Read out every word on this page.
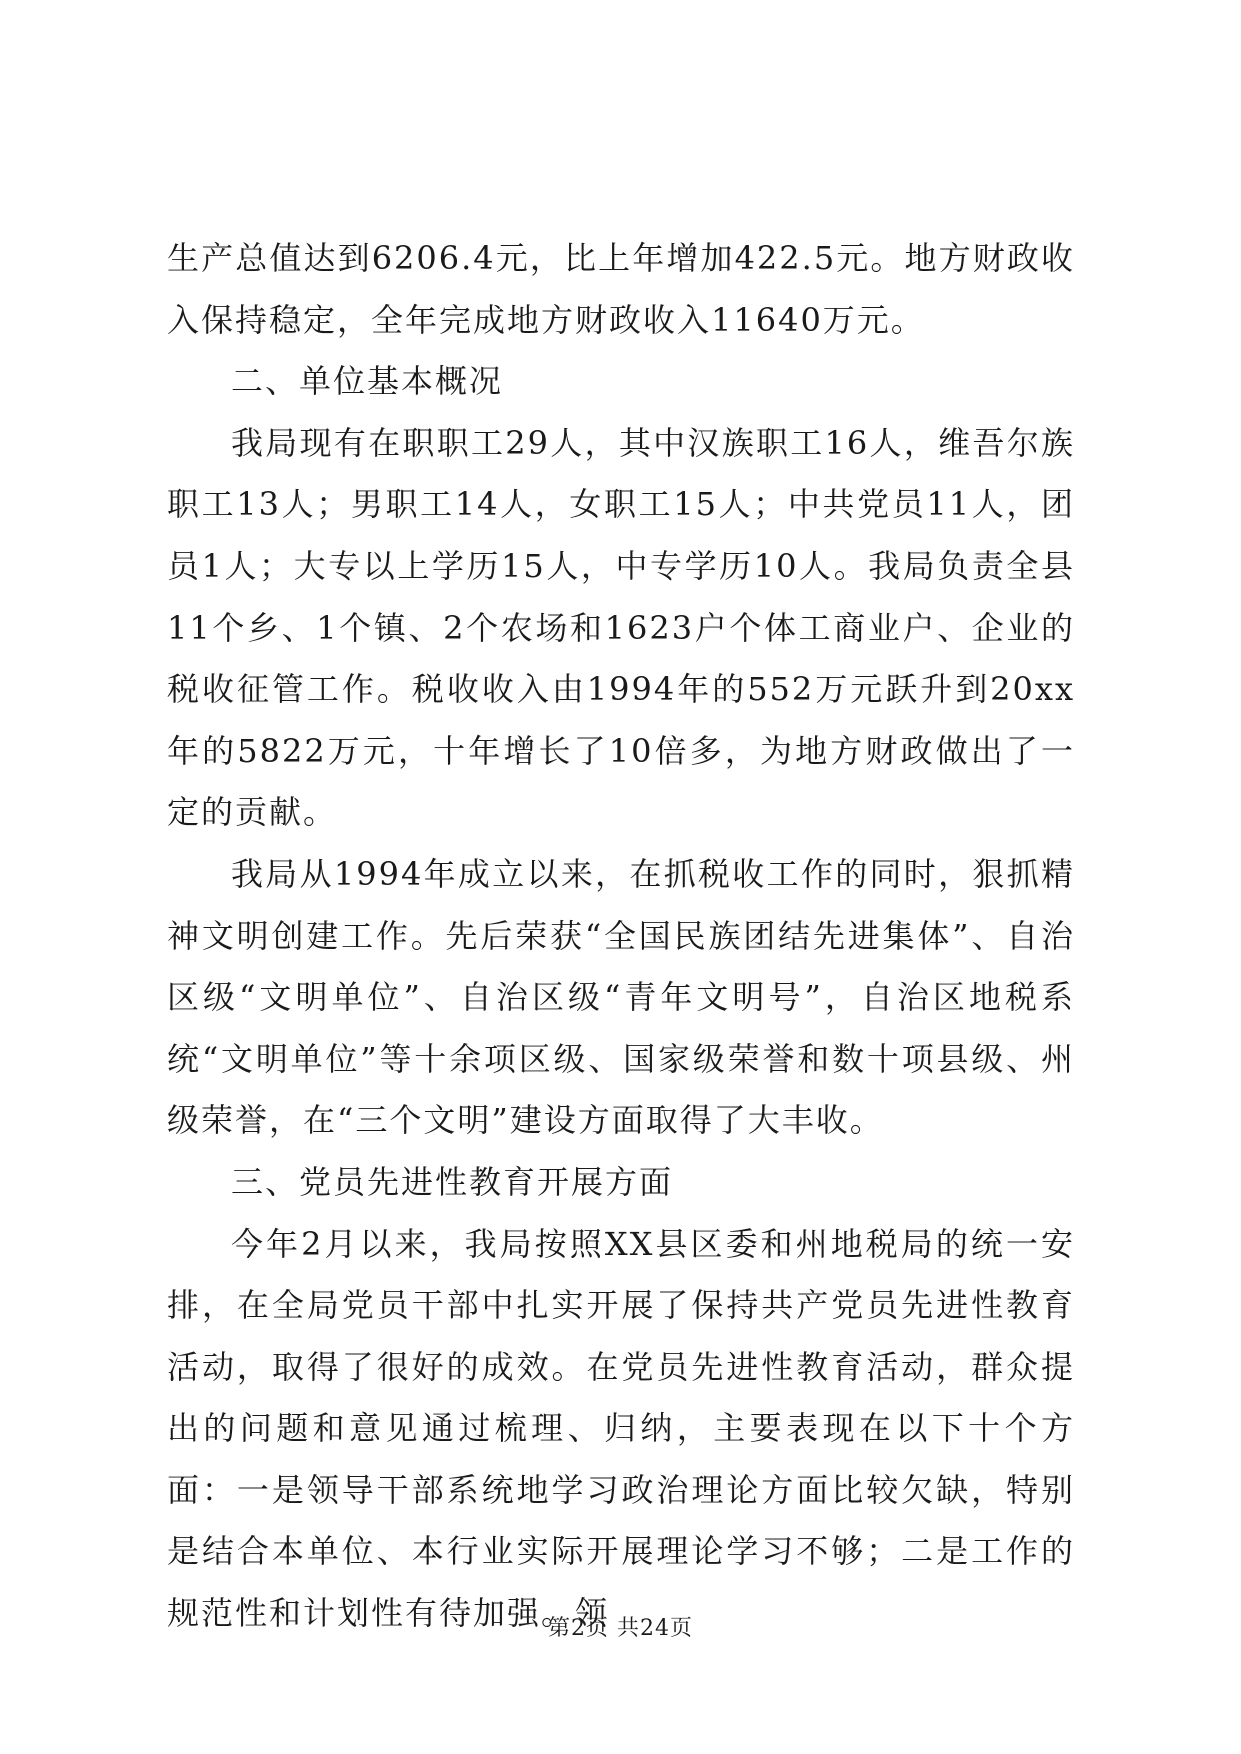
生产总值达到6206.4元，比上年增加422.5元。地方财政收入保持稳定，全年完成地方财政收入11640万元。

二、单位基本概况

我局现有在职职工29人，其中汉族职工16人，维吾尔族职工13人；男职工14人，女职工15人；中共党员11人，团员1人；大专以上学历15人，中专学历10人。我局负责全县11个乡、1个镇、2个农场和1623户个体工商业户、企业的税收征管工作。税收收入由1994年的552万元跃升到20xx年的5822万元，十年增长了10倍多，为地方财政做出了一定的贡献。

我局从1994年成立以来，在抓税收工作的同时，狠抓精神文明创建工作。先后荣获“全国民族团结先进集体”、自治区级“文明单位”、自治区级“青年文明号”，自治区地税系统“文明单位”等十余项区级、国家级荣誉和数十项县级、州级荣誉，在“三个文明”建设方面取得了大丰收。

三、党员先进性教育开展方面

今年2月以来，我局按照XX县区委和州地税局的统一安排，在全局党员干部中扎实开展了保持共产党员先进性教育活动，取得了很好的成效。在党员先进性教育活动，群众提出的问题和意见通过梳理、归纳，主要表现在以下十个方面：一是领导干部系统地学习政治理论方面比较欠缺，特别是结合本单位、本行业实际开展理论学习不够；二是工作的规范性和计划性有待加强。领

第2页 共24页
